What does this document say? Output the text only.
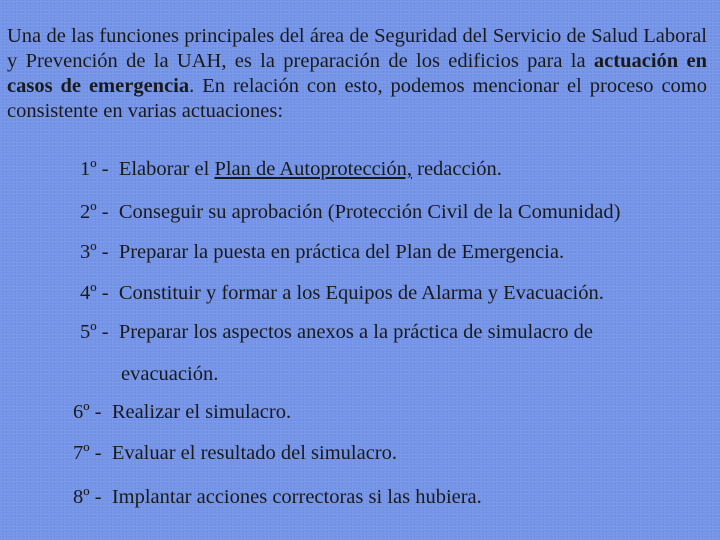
Una de las funciones principales del área de Seguridad del Servicio de Salud Laboral y Prevención de la UAH, es la preparación de los edificios para la actuación en casos de emergencia. En relación con esto, podemos mencionar el proceso como consistente en varias actuaciones:

1º - Elaborar el Plan de Autoprotección, redacción.

2º - Conseguir su aprobación (Protección Civil de la Comunidad)

3º - Preparar la puesta en práctica del Plan de Emergencia.

4º - Constituir y formar a los Equipos de Alarma y Evacuación.

5º - Preparar los aspectos anexos a la práctica de simulacro de

evacuación.

6º - Realizar el simulacro.

7º - Evaluar el resultado del simulacro.

8º - Implantar acciones correctoras si las hubiera.
